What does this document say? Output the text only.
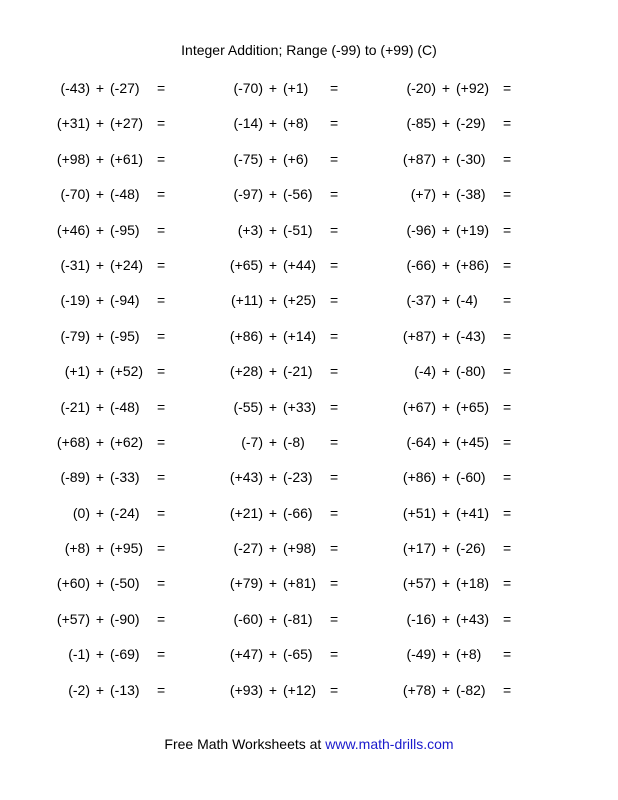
Integer Addition; Range (-99) to (+99) (C)
(-43) + (-27) =	(-70) + (+1) =	(-20) + (+92) =
(+31) + (+27) =	(-14) + (+8) =	(-85) + (-29) =
(+98) + (+61) =	(-75) + (+6) =	(+87) + (-30) =
(-70) + (-48) =	(-97) + (-56) =	(+7) + (-38) =
(+46) + (-95) =	(+3) + (-51) =	(-96) + (+19) =
(-31) + (+24) =	(+65) + (+44) =	(-66) + (+86) =
(-19) + (-94) =	(+11) + (+25) =	(-37) + (-4) =
(-79) + (-95) =	(+86) + (+14) =	(+87) + (-43) =
(+1) + (+52) =	(+28) + (-21) =	(-4) + (-80) =
(-21) + (-48) =	(-55) + (+33) =	(+67) + (+65) =
(+68) + (+62) =	(-7) + (-8) =	(-64) + (+45) =
(-89) + (-33) =	(+43) + (-23) =	(+86) + (-60) =
(0) + (-24) =	(+21) + (-66) =	(+51) + (+41) =
(+8) + (+95) =	(-27) + (+98) =	(+17) + (-26) =
(+60) + (-50) =	(+79) + (+81) =	(+57) + (+18) =
(+57) + (-90) =	(-60) + (-81) =	(-16) + (+43) =
(-1) + (-69) =	(+47) + (-65) =	(-49) + (+8) =
(-2) + (-13) =	(+93) + (+12) =	(+78) + (-82) =
Free Math Worksheets at www.math-drills.com
